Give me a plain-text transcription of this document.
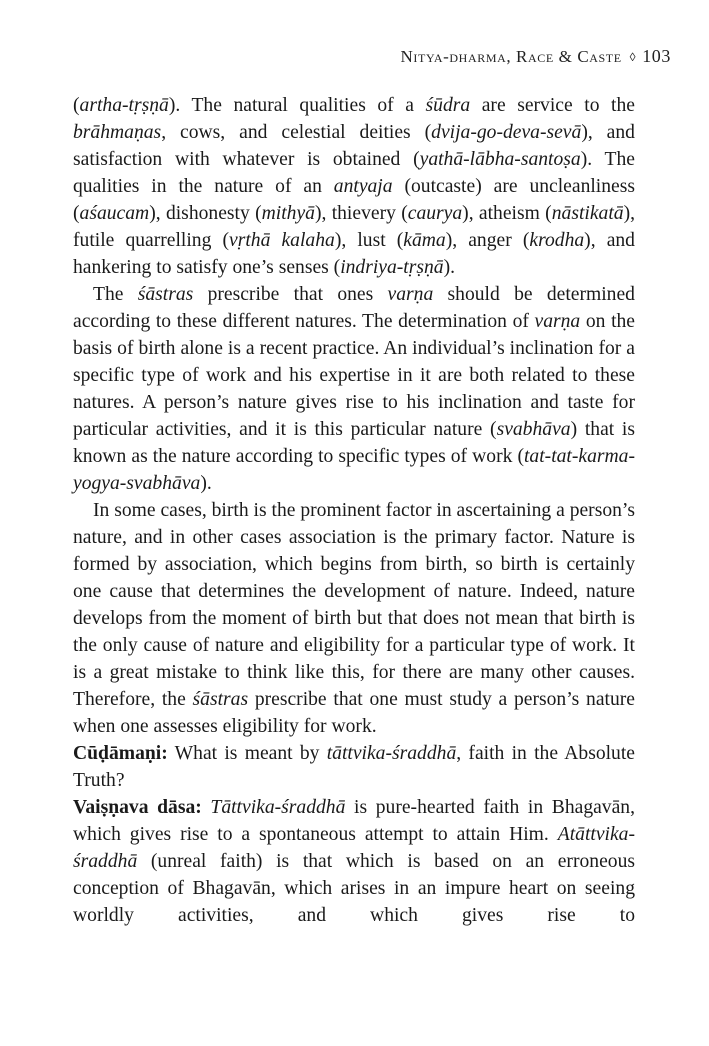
Nitya-dharma, Race & Caste ◊ 103

(artha-tṛṣṇā). The natural qualities of a śūdra are service to the brāhmaṇas, cows, and celestial deities (dvija-go-deva-sevā), and satisfaction with whatever is obtained (yathā-lābha-santoṣa). The qualities in the nature of an antyaja (outcaste) are uncleanliness (aśaucam), dishonesty (mithyā), thievery (caurya), atheism (nāstikatā), futile quarrelling (vṛthā kalaha), lust (kāma), anger (krodha), and hankering to satisfy one’s senses (indriya-tṛṣṇā).

The śāstras prescribe that ones varṇa should be determined according to these different natures. The determination of varṇa on the basis of birth alone is a recent practice. An individual’s inclination for a specific type of work and his expertise in it are both related to these natures. A person’s nature gives rise to his inclination and taste for particular activities, and it is this particular nature (svabhāva) that is known as the nature according to specific types of work (tat-tat-karma-yogya-svabhāva).

In some cases, birth is the prominent factor in ascertaining a person’s nature, and in other cases association is the primary factor. Nature is formed by association, which begins from birth, so birth is certainly one cause that determines the development of nature. Indeed, nature develops from the moment of birth but that does not mean that birth is the only cause of nature and eligibility for a particular type of work. It is a great mistake to think like this, for there are many other causes. Therefore, the śāstras prescribe that one must study a person’s nature when one assesses eligibility for work.

Cūḍāmaṇi: What is meant by tāttvika-śraddhā, faith in the Absolute Truth?

Vaiṣṇava dāsa: Tāttvika-śraddhā is pure-hearted faith in Bhagavān, which gives rise to a spontaneous attempt to attain Him. Atāttvika-śraddhā (unreal faith) is that which is based on an erroneous conception of Bhagavān, which arises in an impure heart on seeing worldly activities, and which gives rise to
